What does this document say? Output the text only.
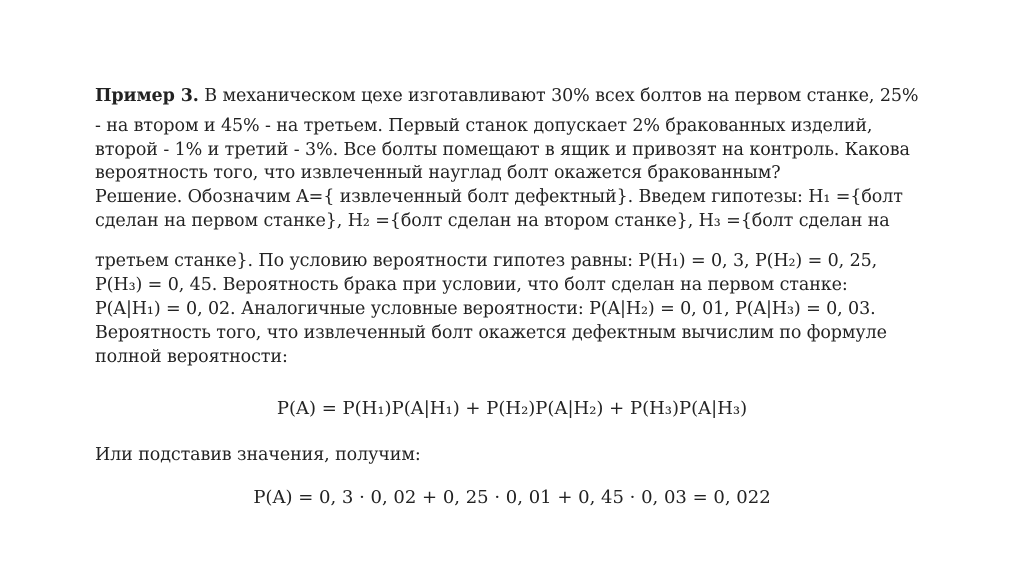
Пример 3. В механическом цехе изготавливают 30% всех болтов на первом станке, 25%
- на втором и 45% - на третьем. Первый станок допускает 2% бракованных изделий,
второй - 1% и третий - 3%. Все болты помещают в ящик и привозят на контроль. Какова
вероятность того, что извлеченный науглад болт окажется бракованным?
Решение. Обозначим A={ извлеченный болт дефектный}. Введем гипотезы: H₁ ={болт
сделан на первом станке}, H₂ ={болт сделан на втором станке}, H₃ ={болт сделан на
третьем станке}. По условию вероятности гипотез равны: P(H₁) = 0, 3, P(H₂) = 0, 25,
P(H₃) = 0, 45. Вероятность брака при условии, что болт сделан на первом станке:
P(A|H₁) = 0, 02. Аналогичные условные вероятности: P(A|H₂) = 0, 01, P(A|H₃) = 0, 03.
Вероятность того, что извлеченный болт окажется дефектным вычислим по формуле
полной вероятности:
P(A) = P(H₁)P(A|H₁) + P(H₂)P(A|H₂) + P(H₃)P(A|H₃)
Или подставив значения, получим:
P(A) = 0, 3 · 0, 02 + 0, 25 · 0, 01 + 0, 45 · 0, 03 = 0, 022
